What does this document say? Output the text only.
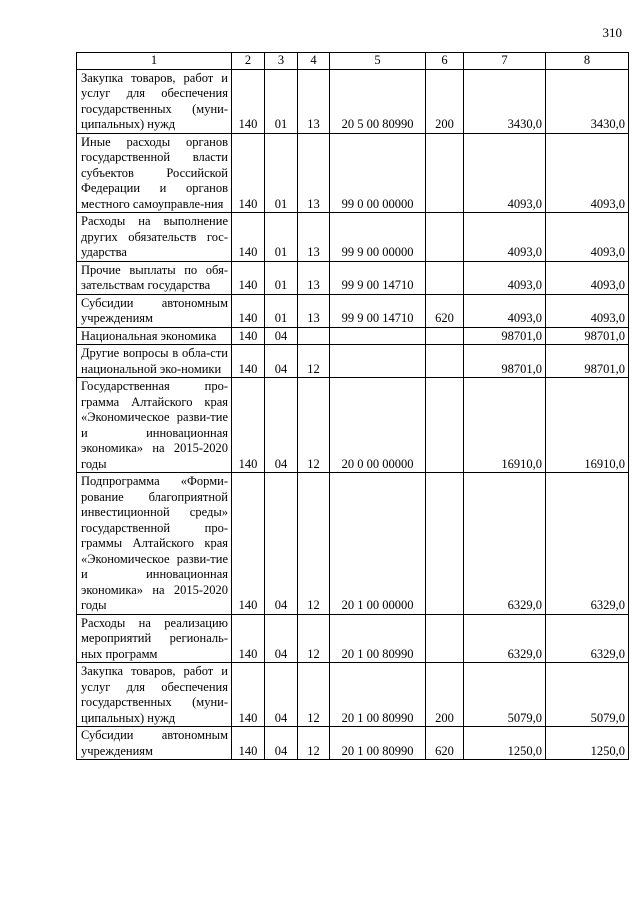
310
1	2	3	4	5	6	7	8
Закупка товаров, работ и услуг для обеспечения государственных (муни-ципальных) нужд	140	01	13	20 5 00 80990	200	3430,0	3430,0
Иные расходы органов государственной власти субъектов Российской Федерации и органов местного самоуправле-ния	140	01	13	99 0 00 00000		4093,0	4093,0
Расходы на выполнение других обязательств гос-ударства	140	01	13	99 9 00 00000		4093,0	4093,0
Прочие выплаты по обя-зательствам государства	140	01	13	99 9 00 14710		4093,0	4093,0
Субсидии автономным учреждениям	140	01	13	99 9 00 14710	620	4093,0	4093,0
Национальная экономика	140	04				98701,0	98701,0
Другие вопросы в обла-сти национальной эко-номики	140	04	12			98701,0	98701,0
Государственная про-грамма Алтайского края «Экономическое разви-тие и инновационная экономика» на 2015-2020 годы	140	04	12	20 0 00 00000		16910,0	16910,0
Подпрограмма «Форми-рование благоприятной инвестиционной среды» государственной про-граммы Алтайского края «Экономическое разви-тие и инновационная экономика» на 2015-2020 годы	140	04	12	20 1 00 00000		6329,0	6329,0
Расходы на реализацию мероприятий региональ-ных программ	140	04	12	20 1 00 80990		6329,0	6329,0
Закупка товаров, работ и услуг для обеспечения государственных (муни-ципальных) нужд	140	04	12	20 1 00 80990	200	5079,0	5079,0
Субсидии автономным учреждениям	140	04	12	20 1 00 80990	620	1250,0	1250,0
